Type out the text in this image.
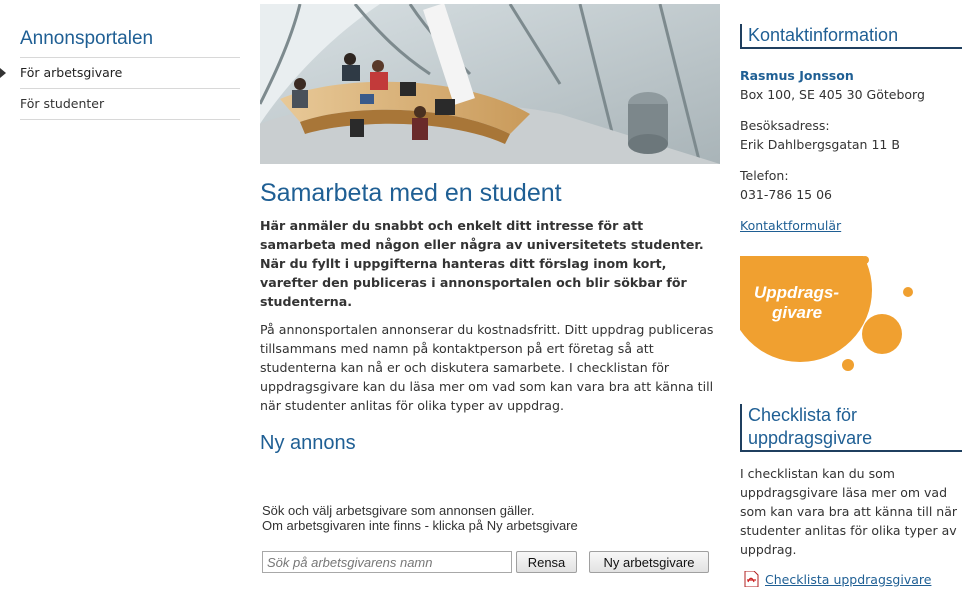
Annonsportalen
För arbetsgivare
För studenter
Samarbeta med en student

Här anmäler du snabbt och enkelt ditt intresse för att samarbeta med någon eller några av universitetets studenter. När du fyllt i uppgifterna hanteras ditt förslag inom kort, varefter den publiceras i annonsportalen och blir sökbar för studenterna.

På annonsportalen annonserar du kostnadsfritt. Ditt uppdrag publiceras tillsammans med namn på kontaktperson på ert företag så att studenterna kan nå er och diskutera samarbete. I checklistan för uppdragsgivare kan du läsa mer om vad som kan vara bra att känna till när studenter anlitas för olika typer av uppdrag.

Ny annons
Sök och välj arbetsgivare som annonsen gäller.
Om arbetsgivaren inte finns - klicka på Ny arbetsgivare
Sök på arbetsgivarens namn
Rensa	Ny arbetsgivare
Kontaktinformation

Rasmus Jonsson
Box 100, SE 405 30 Göteborg

Besöksadress:
Erik Dahlbergsgatan 11 B

Telefon:
031-786 15 06

Kontaktformulär

Uppdrags-
givare
Checklista för uppdragsgivare

I checklistan kan du som uppdragsgivare läsa mer om vad som kan vara bra att känna till när studenter anlitas för olika typer av uppdrag.

Checklista uppdragsgivare
